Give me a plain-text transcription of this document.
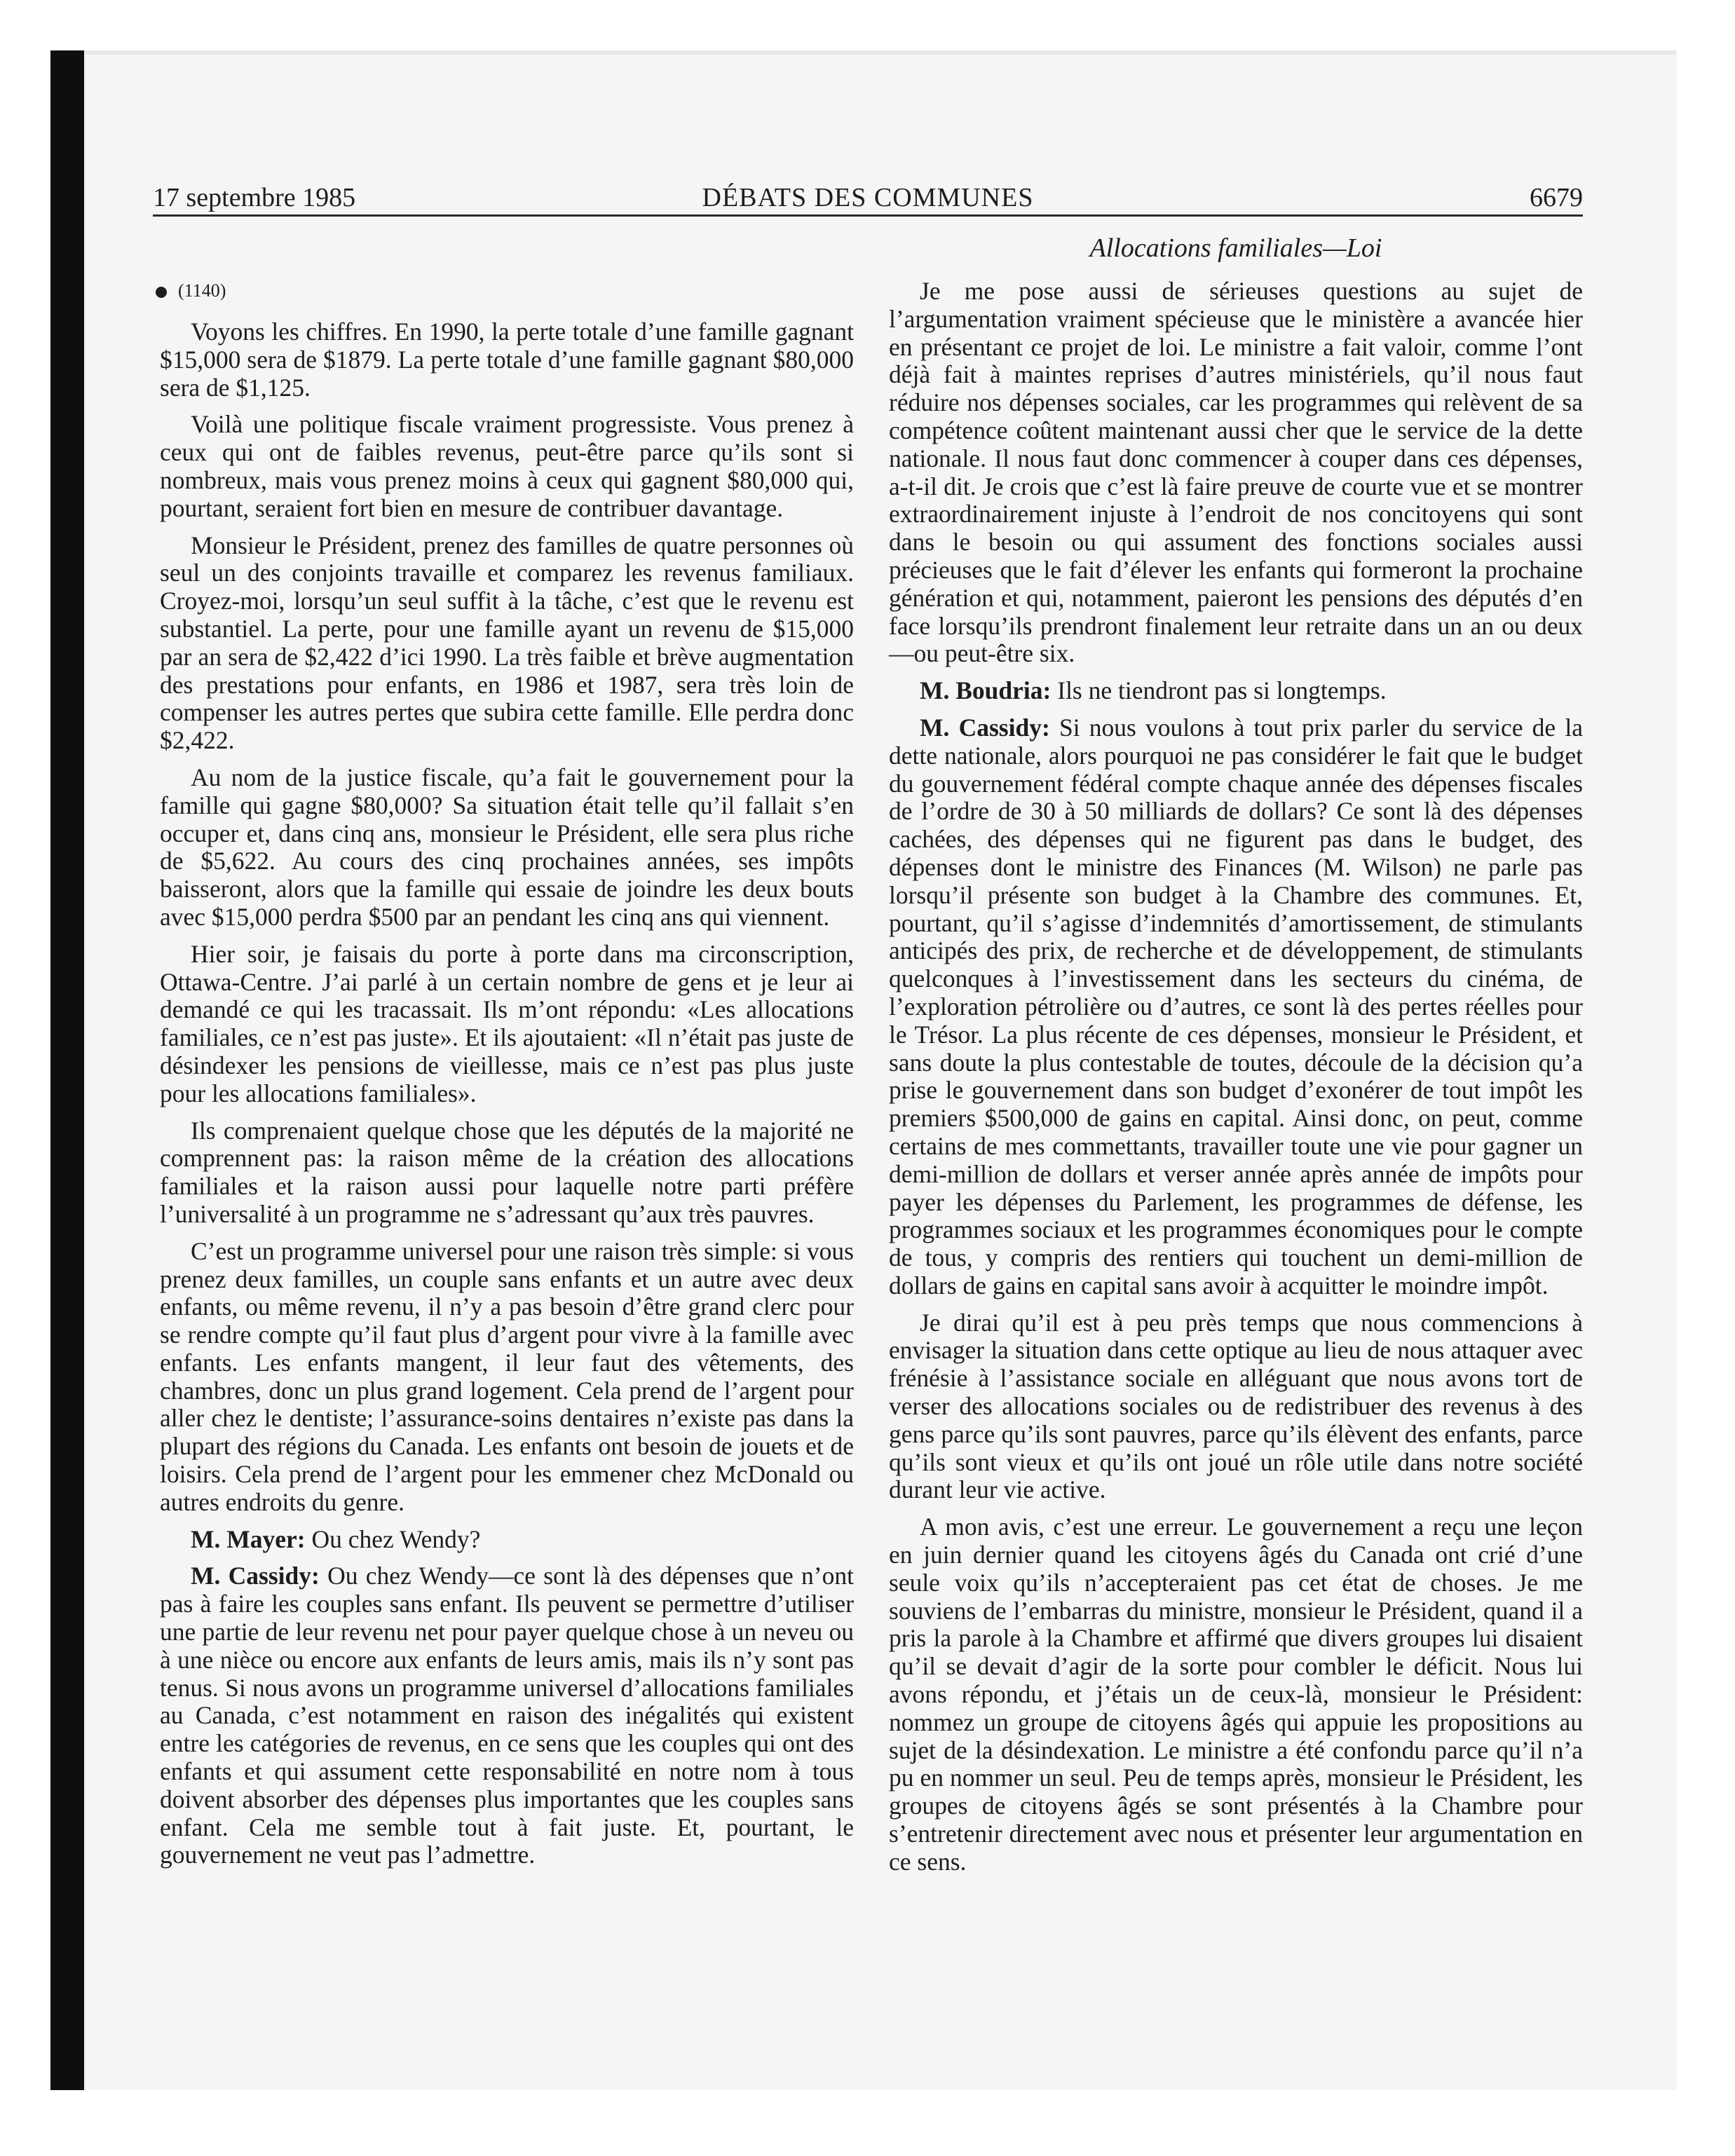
17 septembre 1985	DÉBATS DES COMMUNES	6679
Allocations familiales—Loi
(1140)

Voyons les chiffres. En 1990, la perte totale d’une famille gagnant $15,000 sera de $1879. La perte totale d’une famille gagnant $80,000 sera de $1,125.

Voilà une politique fiscale vraiment progressiste. Vous prenez à ceux qui ont de faibles revenus, peut-être parce qu’ils sont si nombreux, mais vous prenez moins à ceux qui gagnent $80,000 qui, pourtant, seraient fort bien en mesure de contribuer davantage.

Monsieur le Président, prenez des familles de quatre personnes où seul un des conjoints travaille et comparez les revenus familiaux. Croyez-moi, lorsqu’un seul suffit à la tâche, c’est que le revenu est substantiel. La perte, pour une famille ayant un revenu de $15,000 par an sera de $2,422 d’ici 1990. La très faible et brève augmentation des prestations pour enfants, en 1986 et 1987, sera très loin de compenser les autres pertes que subira cette famille. Elle perdra donc $2,422.

Au nom de la justice fiscale, qu’a fait le gouvernement pour la famille qui gagne $80,000? Sa situation était telle qu’il fallait s’en occuper et, dans cinq ans, monsieur le Président, elle sera plus riche de $5,622. Au cours des cinq prochaines années, ses impôts baisseront, alors que la famille qui essaie de joindre les deux bouts avec $15,000 perdra $500 par an pendant les cinq ans qui viennent.

Hier soir, je faisais du porte à porte dans ma circonscription, Ottawa-Centre. J’ai parlé à un certain nombre de gens et je leur ai demandé ce qui les tracassait. Ils m’ont répondu: «Les allocations familiales, ce n’est pas juste». Et ils ajoutaient: «Il n’était pas juste de désindexer les pensions de vieillesse, mais ce n’est pas plus juste pour les allocations familiales».

Ils comprenaient quelque chose que les députés de la majorité ne comprennent pas: la raison même de la création des allocations familiales et la raison aussi pour laquelle notre parti préfère l’universalité à un programme ne s’adressant qu’aux très pauvres.

C’est un programme universel pour une raison très simple: si vous prenez deux familles, un couple sans enfants et un autre avec deux enfants, ou même revenu, il n’y a pas besoin d’être grand clerc pour se rendre compte qu’il faut plus d’argent pour vivre à la famille avec enfants. Les enfants mangent, il leur faut des vêtements, des chambres, donc un plus grand logement. Cela prend de l’argent pour aller chez le dentiste; l’assurance-soins dentaires n’existe pas dans la plupart des régions du Canada. Les enfants ont besoin de jouets et de loisirs. Cela prend de l’argent pour les emmener chez McDonald ou autres endroits du genre.

M. Mayer: Ou chez Wendy?

M. Cassidy: Ou chez Wendy—ce sont là des dépenses que n’ont pas à faire les couples sans enfant. Ils peuvent se permettre d’utiliser une partie de leur revenu net pour payer quelque chose à un neveu ou à une nièce ou encore aux enfants de leurs amis, mais ils n’y sont pas tenus. Si nous avons un programme universel d’allocations familiales au Canada, c’est notamment en raison des inégalités qui existent entre les catégories de revenus, en ce sens que les couples qui ont des enfants et qui assument cette responsabilité en notre nom à tous doivent absorber des dépenses plus importantes que les couples sans enfant. Cela me semble tout à fait juste. Et, pourtant, le gouvernement ne veut pas l’admettre.

Je me pose aussi de sérieuses questions au sujet de l’argumentation vraiment spécieuse que le ministère a avancée hier en présentant ce projet de loi. Le ministre a fait valoir, comme l’ont déjà fait à maintes reprises d’autres ministériels, qu’il nous faut réduire nos dépenses sociales, car les programmes qui relèvent de sa compétence coûtent maintenant aussi cher que le service de la dette nationale. Il nous faut donc commencer à couper dans ces dépenses, a-t-il dit. Je crois que c’est là faire preuve de courte vue et se montrer extraordinairement injuste à l’endroit de nos concitoyens qui sont dans le besoin ou qui assument des fonctions sociales aussi précieuses que le fait d’élever les enfants qui formeront la prochaine génération et qui, notamment, paieront les pensions des députés d’en face lorsqu’ils prendront finalement leur retraite dans un an ou deux—ou peut-être six.

M. Boudria: Ils ne tiendront pas si longtemps.

M. Cassidy: Si nous voulons à tout prix parler du service de la dette nationale, alors pourquoi ne pas considérer le fait que le budget du gouvernement fédéral compte chaque année des dépenses fiscales de l’ordre de 30 à 50 milliards de dollars? Ce sont là des dépenses cachées, des dépenses qui ne figurent pas dans le budget, des dépenses dont le ministre des Finances (M. Wilson) ne parle pas lorsqu’il présente son budget à la Chambre des communes. Et, pourtant, qu’il s’agisse d’indemnités d’amortissement, de stimulants anticipés des prix, de recherche et de développement, de stimulants quelconques à l’investissement dans les secteurs du cinéma, de l’exploration pétrolière ou d’autres, ce sont là des pertes réelles pour le Trésor. La plus récente de ces dépenses, monsieur le Président, et sans doute la plus contestable de toutes, découle de la décision qu’a prise le gouvernement dans son budget d’exonérer de tout impôt les premiers $500,000 de gains en capital. Ainsi donc, on peut, comme certains de mes commettants, travailler toute une vie pour gagner un demi-million de dollars et verser année après année de impôts pour payer les dépenses du Parlement, les programmes de défense, les programmes sociaux et les programmes économiques pour le compte de tous, y compris des rentiers qui touchent un demi-million de dollars de gains en capital sans avoir à acquitter le moindre impôt.

Je dirai qu’il est à peu près temps que nous commencions à envisager la situation dans cette optique au lieu de nous attaquer avec frénésie à l’assistance sociale en alléguant que nous avons tort de verser des allocations sociales ou de redistribuer des revenus à des gens parce qu’ils sont pauvres, parce qu’ils élèvent des enfants, parce qu’ils sont vieux et qu’ils ont joué un rôle utile dans notre société durant leur vie active.

A mon avis, c’est une erreur. Le gouvernement a reçu une leçon en juin dernier quand les citoyens âgés du Canada ont crié d’une seule voix qu’ils n’accepteraient pas cet état de choses. Je me souviens de l’embarras du ministre, monsieur le Président, quand il a pris la parole à la Chambre et affirmé que divers groupes lui disaient qu’il se devait d’agir de la sorte pour combler le déficit. Nous lui avons répondu, et j’étais un de ceux-là, monsieur le Président: nommez un groupe de citoyens âgés qui appuie les propositions au sujet de la désindexation. Le ministre a été confondu parce qu’il n’a pu en nommer un seul. Peu de temps après, monsieur le Président, les groupes de citoyens âgés se sont présentés à la Chambre pour s’entretenir directement avec nous et présenter leur argumentation en ce sens.
